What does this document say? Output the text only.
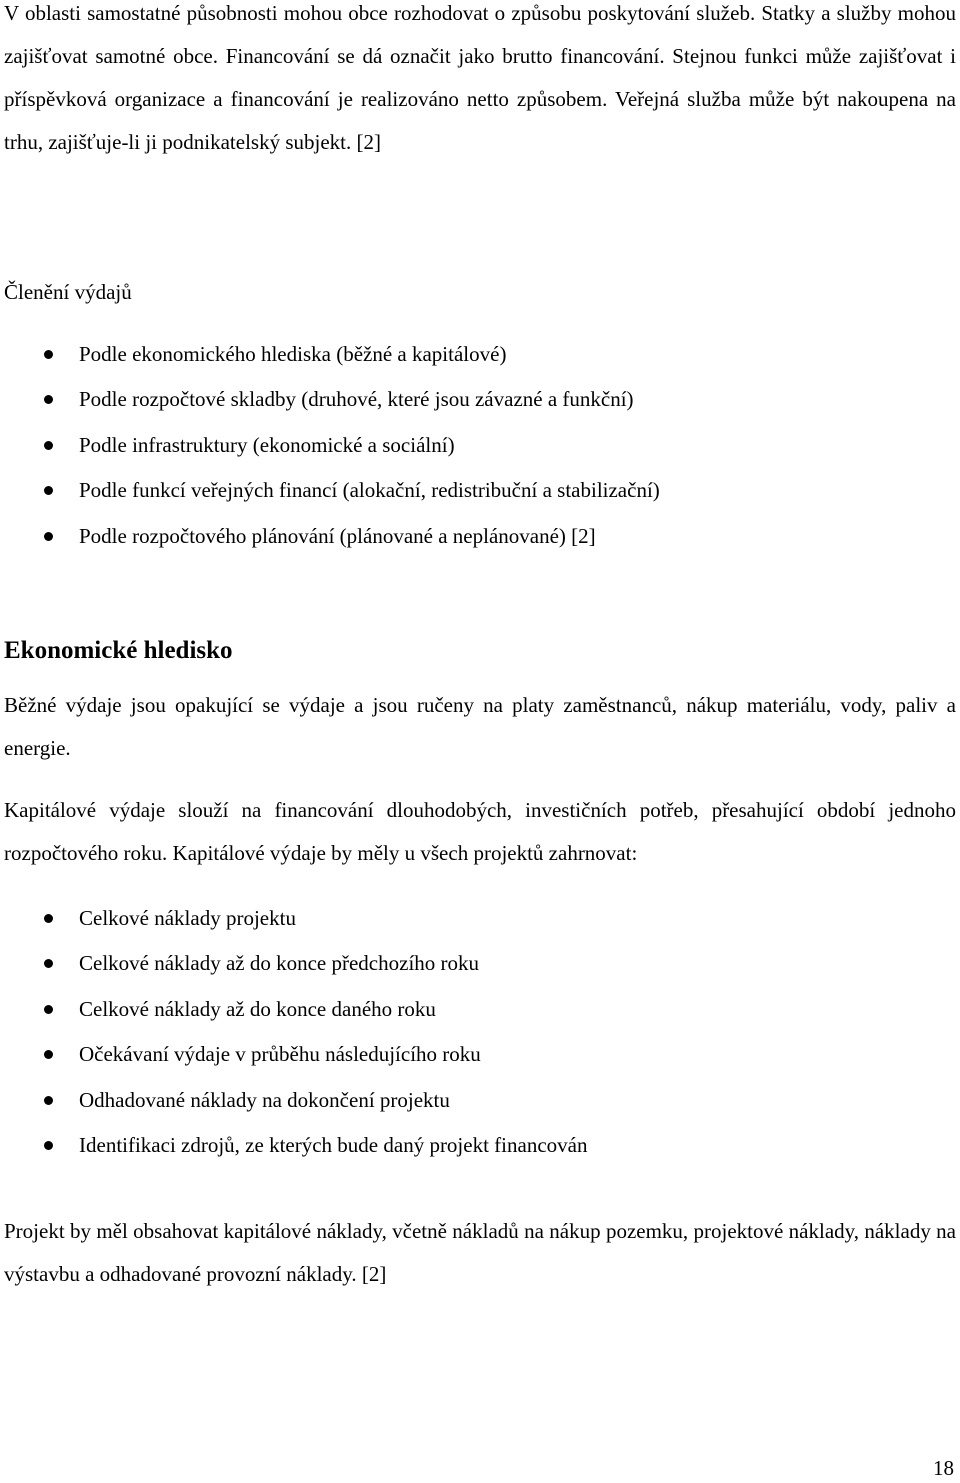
V oblasti samostatné působnosti mohou obce rozhodovat o způsobu poskytování služeb. Statky a služby mohou zajišťovat samotné obce. Financování se dá označit jako brutto financování. Stejnou funkci může zajišťovat i příspěvková organizace a financování je realizováno netto způsobem. Veřejná služba může být nakoupena na trhu, zajišťuje-li ji podnikatelský subjekt. [2]

Členění výdajů
Podle ekonomického hlediska (běžné a kapitálové)
Podle rozpočtové skladby (druhové, které jsou závazné a funkční)
Podle infrastruktury (ekonomické a sociální)
Podle funkcí veřejných financí (alokační, redistribuční a stabilizační)
Podle rozpočtového plánování (plánované a neplánované) [2]
Ekonomické hledisko

Běžné výdaje jsou opakující se výdaje a jsou ručeny na platy zaměstnanců, nákup materiálu, vody, paliv a energie.

Kapitálové výdaje slouží na financování dlouhodobých, investičních potřeb, přesahující období jednoho rozpočtového roku. Kapitálové výdaje by měly u všech projektů zahrnovat:

Celkové náklady projektu
Celkové náklady až do konce předchozího roku
Celkové náklady až do konce daného roku
Očekávaní výdaje v průběhu následujícího roku
Odhadované náklady na dokončení projektu
Identifikaci zdrojů, ze kterých bude daný projekt financován

Projekt by měl obsahovat kapitálové náklady, včetně nákladů na nákup pozemku, projektové náklady, náklady na výstavbu a odhadované provozní náklady. [2]

18
